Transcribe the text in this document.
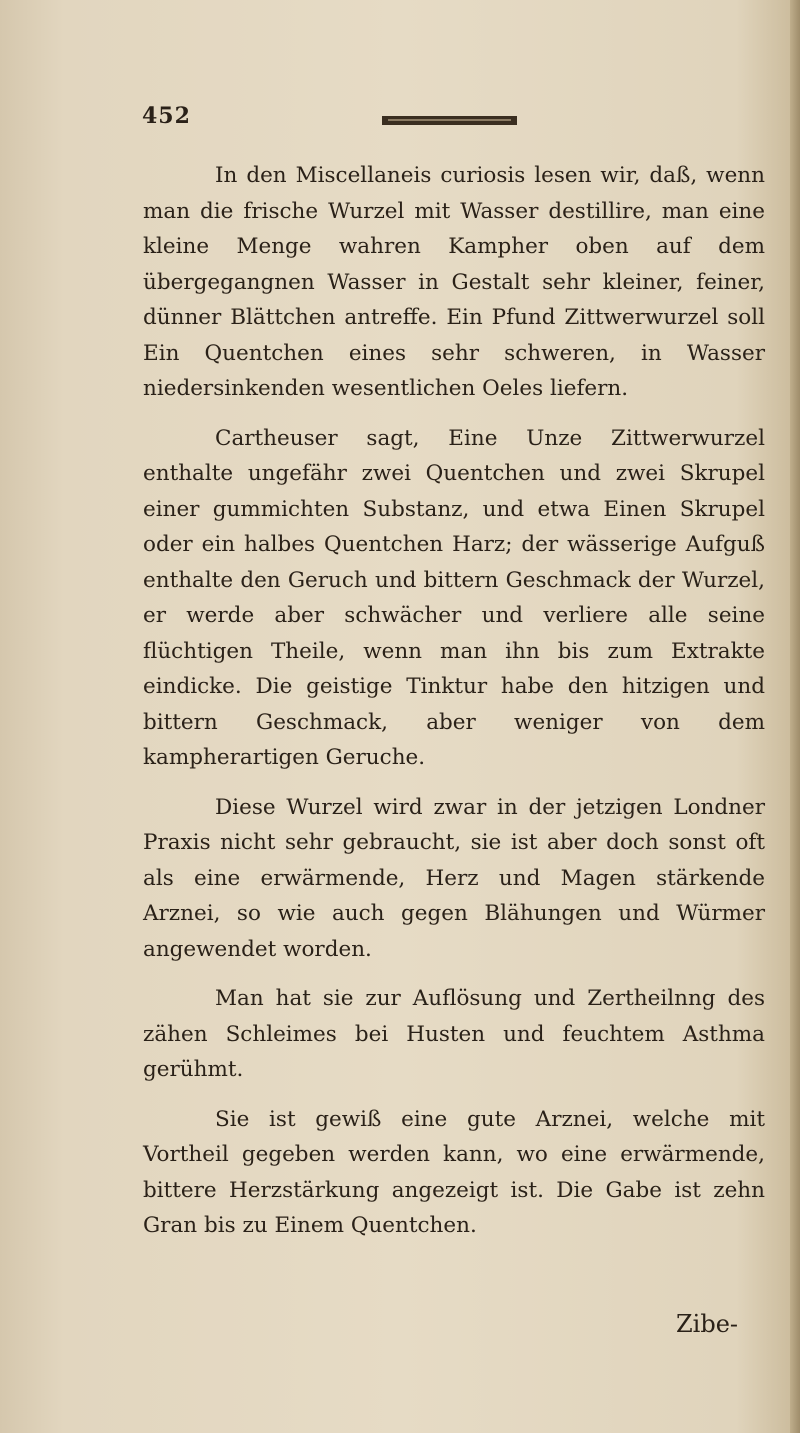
452

In den Miscellaneis curiosis lesen wir, daß, wenn man die frische Wurzel mit Wasser destillire, man eine kleine Menge wahren Kampher oben auf dem übergegangnen Wasser in Gestalt sehr kleiner, feiner, dünner Blättchen antreffe. Ein Pfund Zittwerwurzel soll Ein Quentchen eines sehr schweren, in Wasser niedersinkenden wesentlichen Oeles liefern.

Carthеuser sagt, Eine Unze Zittwerwurzel enthalte ungefähr zwei Quentchen und zwei Skrupel einer gummichten Substanz, und etwa Einen Skrupel oder ein halbes Quentchen Harz; der wässerige Aufguß enthalte den Geruch und bittern Geschmack der Wurzel, er werde aber schwächer und verliere alle seine flüchtigen Theile, wenn man ihn bis zum Extrakte eindicke. Die geistige Tinktur habe den hitzigen und bittern Geschmack, aber weniger von dem kampherartigen Geruche.

Diese Wurzel wird zwar in der jetzigen Londner Praxis nicht sehr gebraucht, sie ist aber doch sonst oft als eine erwärmende, Herz und Magen stärkende Arznei, so wie auch gegen Blähungen und Würmer angewendet worden.

Man hat sie zur Auflösung und Zertheilnng des zähen Schleimes bei Husten und feuchtem Asthma gerühmt.

Sie ist gewiß eine gute Arznei, welche mit Vortheil gegeben werden kann, wo eine erwärmende, bittere Herzstärkung angezeigt ist. Die Gabe ist zehn Gran bis zu Einem Quentchen.

Zibe-
